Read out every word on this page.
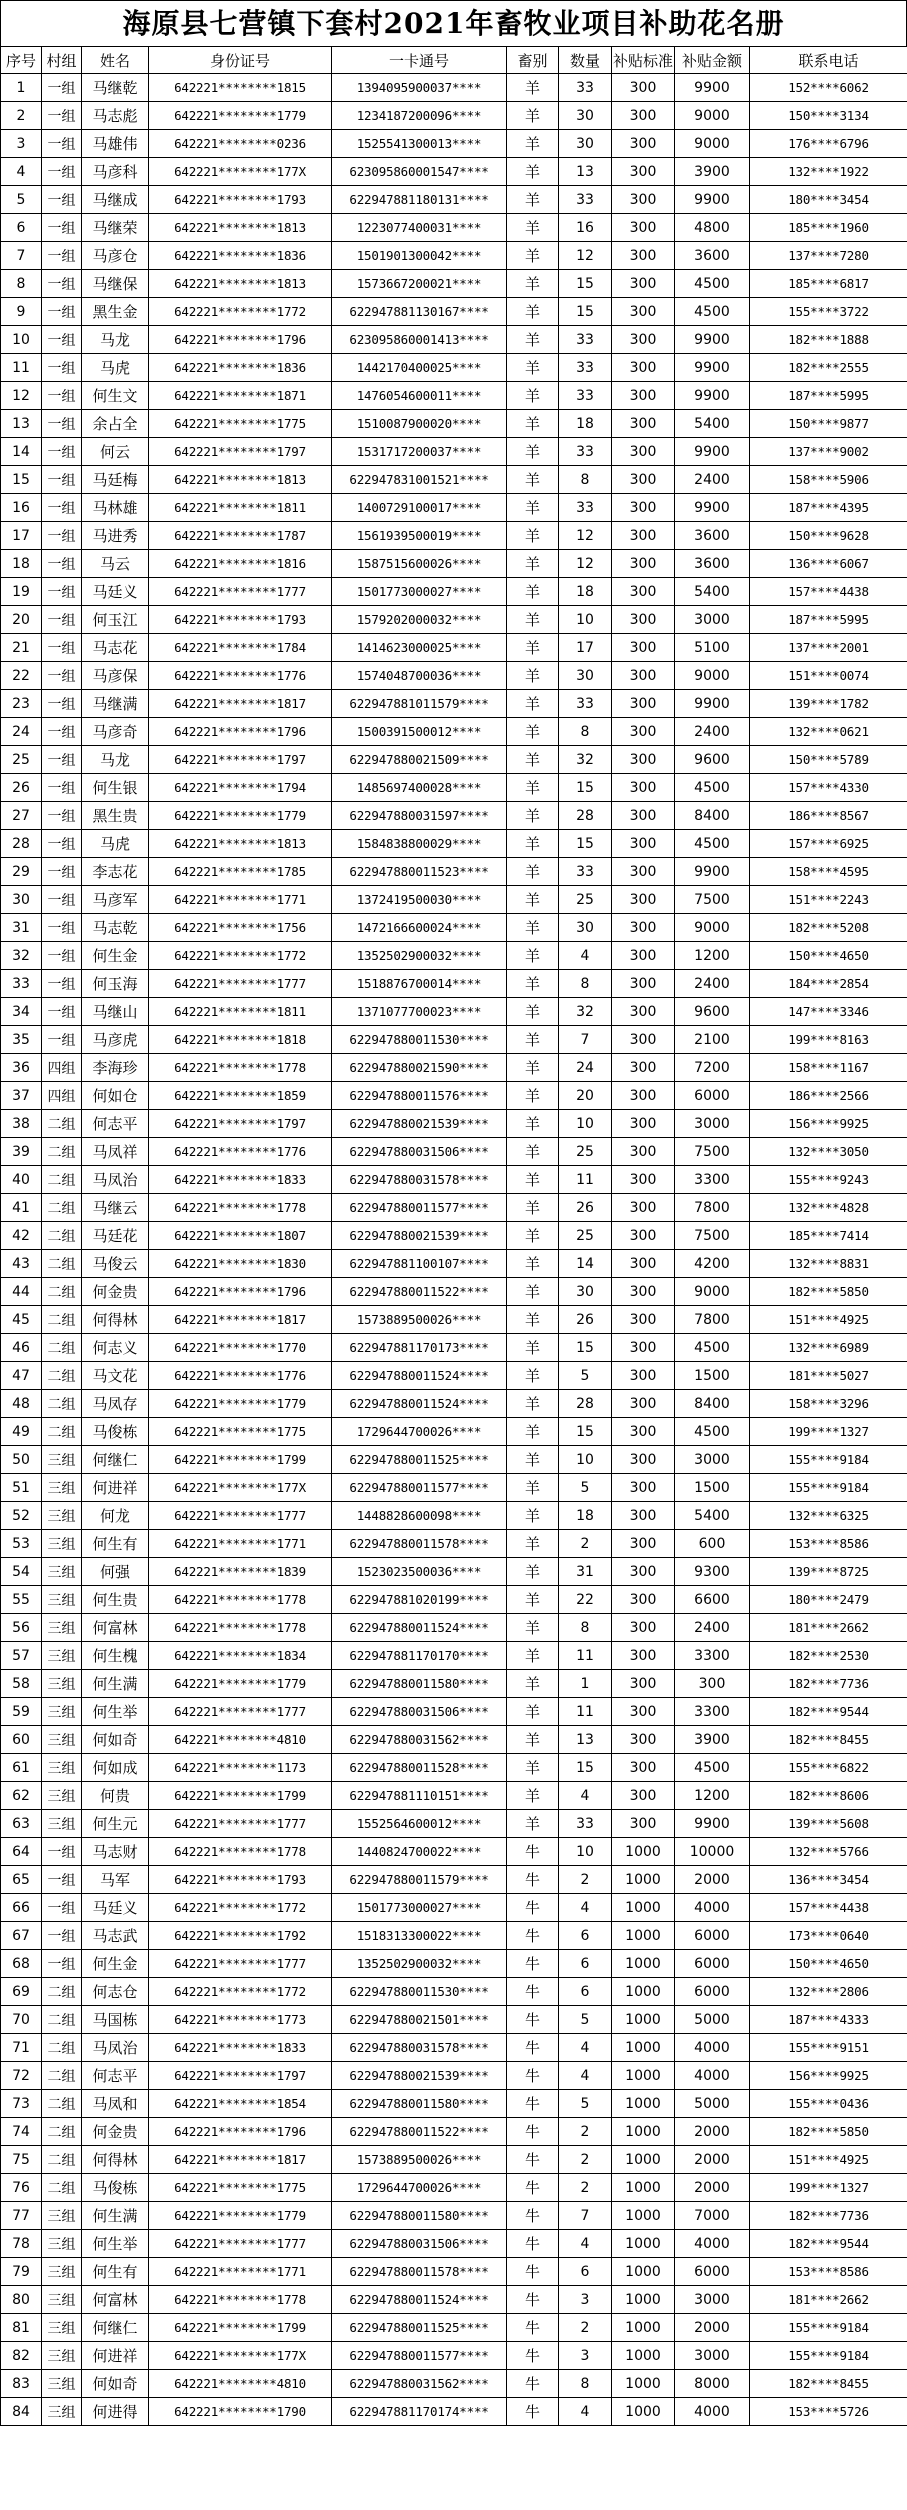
海原县七营镇下套村2021年畜牧业项目补助花名册
序号	村组	姓名	身份证号	一卡通号	畜别	数量	补贴标准	补贴金额	联系电话
1	一组	马继乾	642221********1815	1394095900037****	羊	33	300	9900	152****6062
2	一组	马志彪	642221********1779	1234187200096****	羊	30	300	9000	150****3134
3	一组	马雄伟	642221********0236	1525541300013****	羊	30	300	9000	176****6796
4	一组	马彦科	642221********177X	623095860001547****	羊	13	300	3900	132****1922
5	一组	马继成	642221********1793	622947881180131****	羊	33	300	9900	180****3454
6	一组	马继荣	642221********1813	1223077400031****	羊	16	300	4800	185****1960
7	一组	马彦仓	642221********1836	1501901300042****	羊	12	300	3600	137****7280
8	一组	马继保	642221********1813	1573667200021****	羊	15	300	4500	185****6817
9	一组	黑生金	642221********1772	622947881130167****	羊	15	300	4500	155****3722
10	一组	马龙	642221********1796	623095860001413****	羊	33	300	9900	182****1888
11	一组	马虎	642221********1836	1442170400025****	羊	33	300	9900	182****2555
12	一组	何生文	642221********1871	1476054600011****	羊	33	300	9900	187****5995
13	一组	余占全	642221********1775	1510087900020****	羊	18	300	5400	150****9877
14	一组	何云	642221********1797	1531717200037****	羊	33	300	9900	137****9002
15	一组	马廷梅	642221********1813	622947831001521****	羊	8	300	2400	158****5906
16	一组	马林雄	642221********1811	1400729100017****	羊	33	300	9900	187****4395
17	一组	马进秀	642221********1787	1561939500019****	羊	12	300	3600	150****9628
18	一组	马云	642221********1816	1587515600026****	羊	12	300	3600	136****6067
19	一组	马廷义	642221********1777	1501773000027****	羊	18	300	5400	157****4438
20	一组	何玉江	642221********1793	1579202000032****	羊	10	300	3000	187****5995
21	一组	马志花	642221********1784	1414623000025****	羊	17	300	5100	137****2001
22	一组	马彦保	642221********1776	1574048700036****	羊	30	300	9000	151****0074
23	一组	马继满	642221********1817	622947881011579****	羊	33	300	9900	139****1782
24	一组	马彦奇	642221********1796	1500391500012****	羊	8	300	2400	132****0621
25	一组	马龙	642221********1797	622947880021509****	羊	32	300	9600	150****5789
26	一组	何生银	642221********1794	1485697400028****	羊	15	300	4500	157****4330
27	一组	黑生贵	642221********1779	622947880031597****	羊	28	300	8400	186****8567
28	一组	马虎	642221********1813	1584838800029****	羊	15	300	4500	157****6925
29	一组	李志花	642221********1785	622947880011523****	羊	33	300	9900	158****4595
30	一组	马彦军	642221********1771	1372419500030****	羊	25	300	7500	151****2243
31	一组	马志乾	642221********1756	1472166600024****	羊	30	300	9000	182****5208
32	一组	何生金	642221********1772	1352502900032****	羊	4	300	1200	150****4650
33	一组	何玉海	642221********1777	1518876700014****	羊	8	300	2400	184****2854
34	一组	马继山	642221********1811	1371077700023****	羊	32	300	9600	147****3346
35	一组	马彦虎	642221********1818	622947880011530****	羊	7	300	2100	199****8163
36	四组	李海珍	642221********1778	622947880021590****	羊	24	300	7200	158****1167
37	四组	何如仓	642221********1859	622947880011576****	羊	20	300	6000	186****2566
38	二组	何志平	642221********1797	622947880021539****	羊	10	300	3000	156****9925
39	二组	马凤祥	642221********1776	622947880031506****	羊	25	300	7500	132****3050
40	二组	马凤治	642221********1833	622947880031578****	羊	11	300	3300	155****9243
41	二组	马继云	642221********1778	622947880011577****	羊	26	300	7800	132****4828
42	二组	马廷花	642221********1807	622947880021539****	羊	25	300	7500	185****7414
43	二组	马俊云	642221********1830	622947881100107****	羊	14	300	4200	132****8831
44	二组	何金贵	642221********1796	622947880011522****	羊	30	300	9000	182****5850
45	二组	何得林	642221********1817	1573889500026****	羊	26	300	7800	151****4925
46	二组	何志义	642221********1770	622947881170173****	羊	15	300	4500	132****6989
47	二组	马文花	642221********1776	622947880011524****	羊	5	300	1500	181****5027
48	二组	马凤存	642221********1779	622947880011524****	羊	28	300	8400	158****3296
49	二组	马俊栋	642221********1775	1729644700026****	羊	15	300	4500	199****1327
50	三组	何继仁	642221********1799	622947880011525****	羊	10	300	3000	155****9184
51	三组	何进祥	642221********177X	622947880011577****	羊	5	300	1500	155****9184
52	三组	何龙	642221********1777	1448828600098****	羊	18	300	5400	132****6325
53	三组	何生有	642221********1771	622947880011578****	羊	2	300	600	153****8586
54	三组	何强	642221********1839	1523023500036****	羊	31	300	9300	139****8725
55	三组	何生贵	642221********1778	622947881020199****	羊	22	300	6600	180****2479
56	三组	何富林	642221********1778	622947880011524****	羊	8	300	2400	181****2662
57	三组	何生槐	642221********1834	622947881170170****	羊	11	300	3300	182****2530
58	三组	何生满	642221********1779	622947880011580****	羊	1	300	300	182****7736
59	三组	何生举	642221********1777	622947880031506****	羊	11	300	3300	182****9544
60	三组	何如奇	642221********4810	622947880031562****	羊	13	300	3900	182****8455
61	三组	何如成	642221********1173	622947880011528****	羊	15	300	4500	155****6822
62	三组	何贵	642221********1799	622947881110151****	羊	4	300	1200	182****8606
63	三组	何生元	642221********1777	1552564600012****	羊	33	300	9900	139****5608
64	一组	马志财	642221********1778	1440824700022****	牛	10	1000	10000	132****5766
65	一组	马军	642221********1793	622947880011579****	牛	2	1000	2000	136****3454
66	一组	马廷义	642221********1772	1501773000027****	牛	4	1000	4000	157****4438
67	一组	马志武	642221********1792	1518313300022****	牛	6	1000	6000	173****0640
68	一组	何生金	642221********1777	1352502900032****	牛	6	1000	6000	150****4650
69	二组	何志仓	642221********1772	622947880011530****	牛	6	1000	6000	132****2806
70	二组	马国栋	642221********1773	622947880021501****	牛	5	1000	5000	187****4333
71	二组	马凤治	642221********1833	622947880031578****	牛	4	1000	4000	155****9151
72	二组	何志平	642221********1797	622947880021539****	牛	4	1000	4000	156****9925
73	二组	马凤和	642221********1854	622947880011580****	牛	5	1000	5000	155****0436
74	二组	何金贵	642221********1796	622947880011522****	牛	2	1000	2000	182****5850
75	二组	何得林	642221********1817	1573889500026****	牛	2	1000	2000	151****4925
76	二组	马俊栋	642221********1775	1729644700026****	牛	2	1000	2000	199****1327
77	三组	何生满	642221********1779	622947880011580****	牛	7	1000	7000	182****7736
78	三组	何生举	642221********1777	622947880031506****	牛	4	1000	4000	182****9544
79	三组	何生有	642221********1771	622947880011578****	牛	6	1000	6000	153****8586
80	三组	何富林	642221********1778	622947880011524****	牛	3	1000	3000	181****2662
81	三组	何继仁	642221********1799	622947880011525****	牛	2	1000	2000	155****9184
82	三组	何进祥	642221********177X	622947880011577****	牛	3	1000	3000	155****9184
83	三组	何如奇	642221********4810	622947880031562****	牛	8	1000	8000	182****8455
84	三组	何进得	642221********1790	622947881170174****	牛	4	1000	4000	153****5726
